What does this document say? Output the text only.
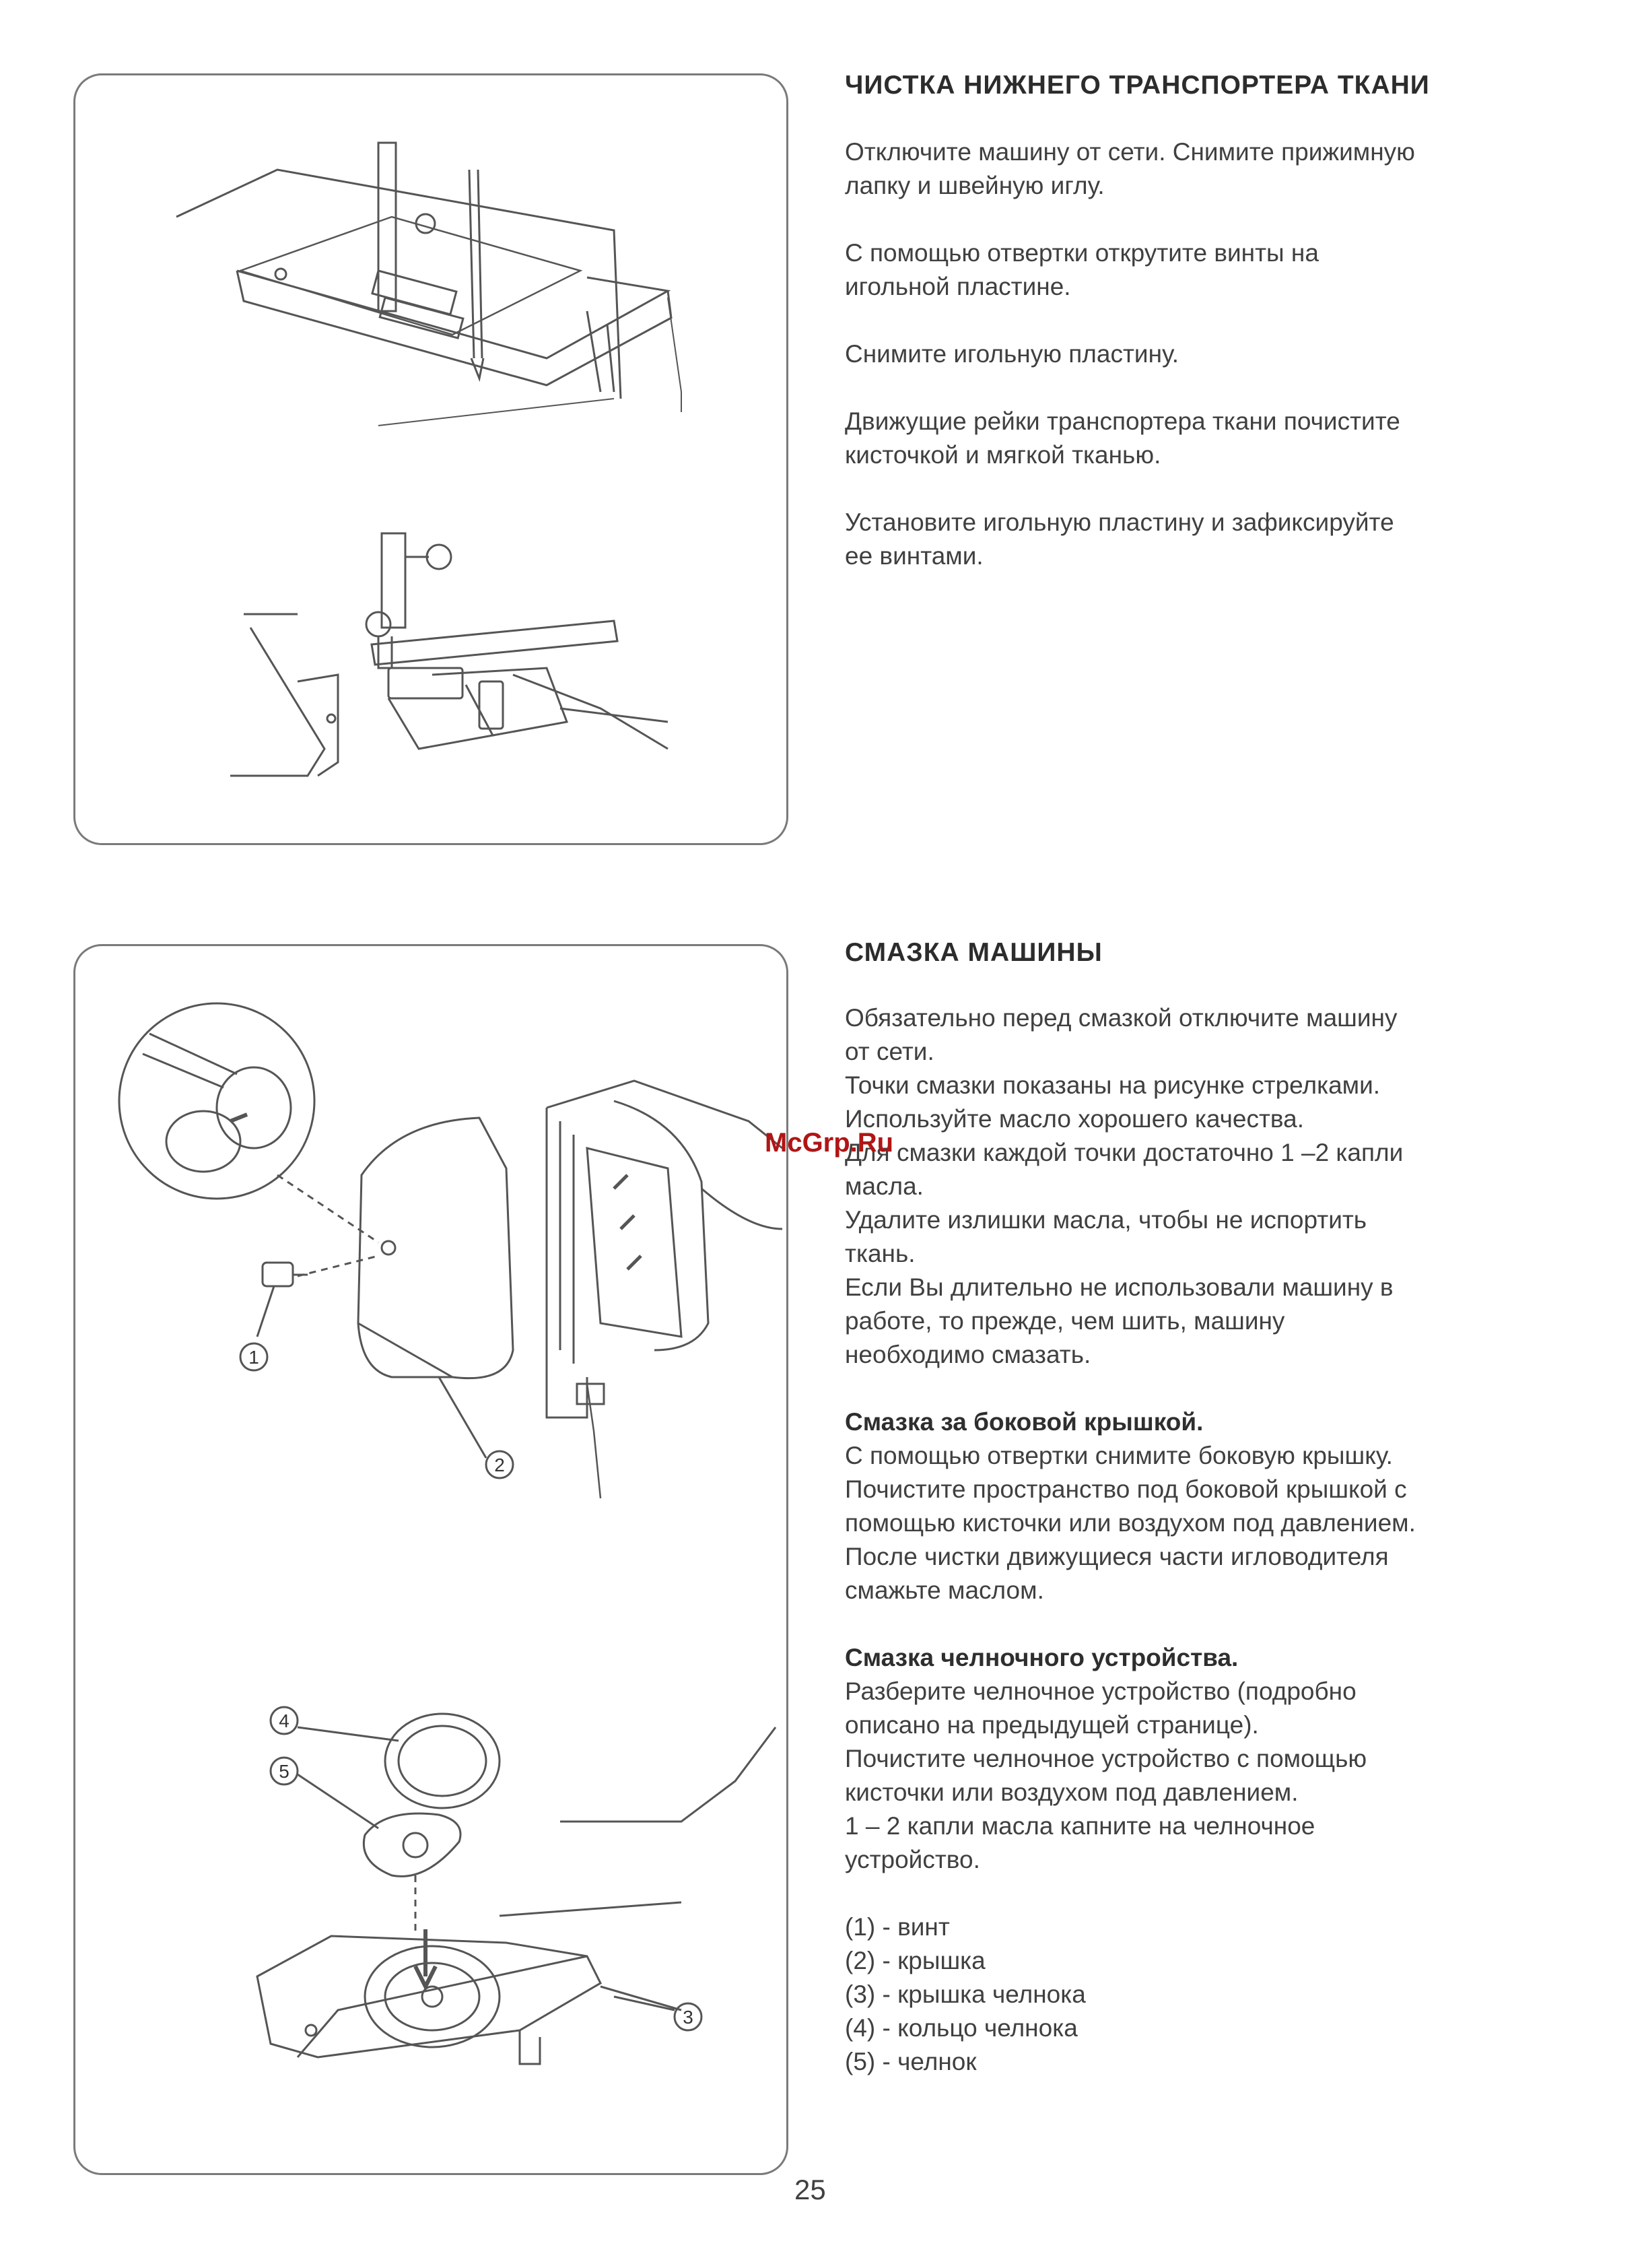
ЧИСТКА НИЖНЕГО ТРАНСПОРТЕРА ТКАНИ

Отключите машину от сети. Снимите прижимную
лапку и швейную иглу.

С помощью отвертки открутите винты на
игольной пластине.

Снимите игольную пластину.

Движущие рейки транспортера ткани почистите
кисточкой и мягкой тканью.

Установите игольную пластину и зафиксируйте
ее винтами.

1
2
3
4
5
СМАЗКА МАШИНЫ
Обязательно перед смазкой отключите машину
от сети.
Точки смазки показаны на рисунке стрелками.
Используйте масло хорошего качества.
Для смазки каждой точки достаточно 1 –2 капли
масла.
Удалите излишки масла, чтобы не испортить
ткань.
Если Вы длительно не использовали машину в
работе, то прежде, чем шить, машину
необходимо смазать.
Смазка за боковой крышкой.
С помощью отвертки снимите боковую крышку.
Почистите пространство под боковой крышкой с
помощью кисточки или воздухом под давлением.
После чистки движущиеся части игловодителя
смажьте маслом.
Смазка челночного устройства.
Разберите челночное устройство (подробно
описано на предыдущей странице).
Почистите челночное устройство с помощью
кисточки или воздухом под давлением.
1 – 2 капли масла капните на челночное
устройство.
(1) - винт
(2) - крышка
(3) - крышка челнока
(4) - кольцо челнока
(5) - челнок
McGrp.Ru
25
